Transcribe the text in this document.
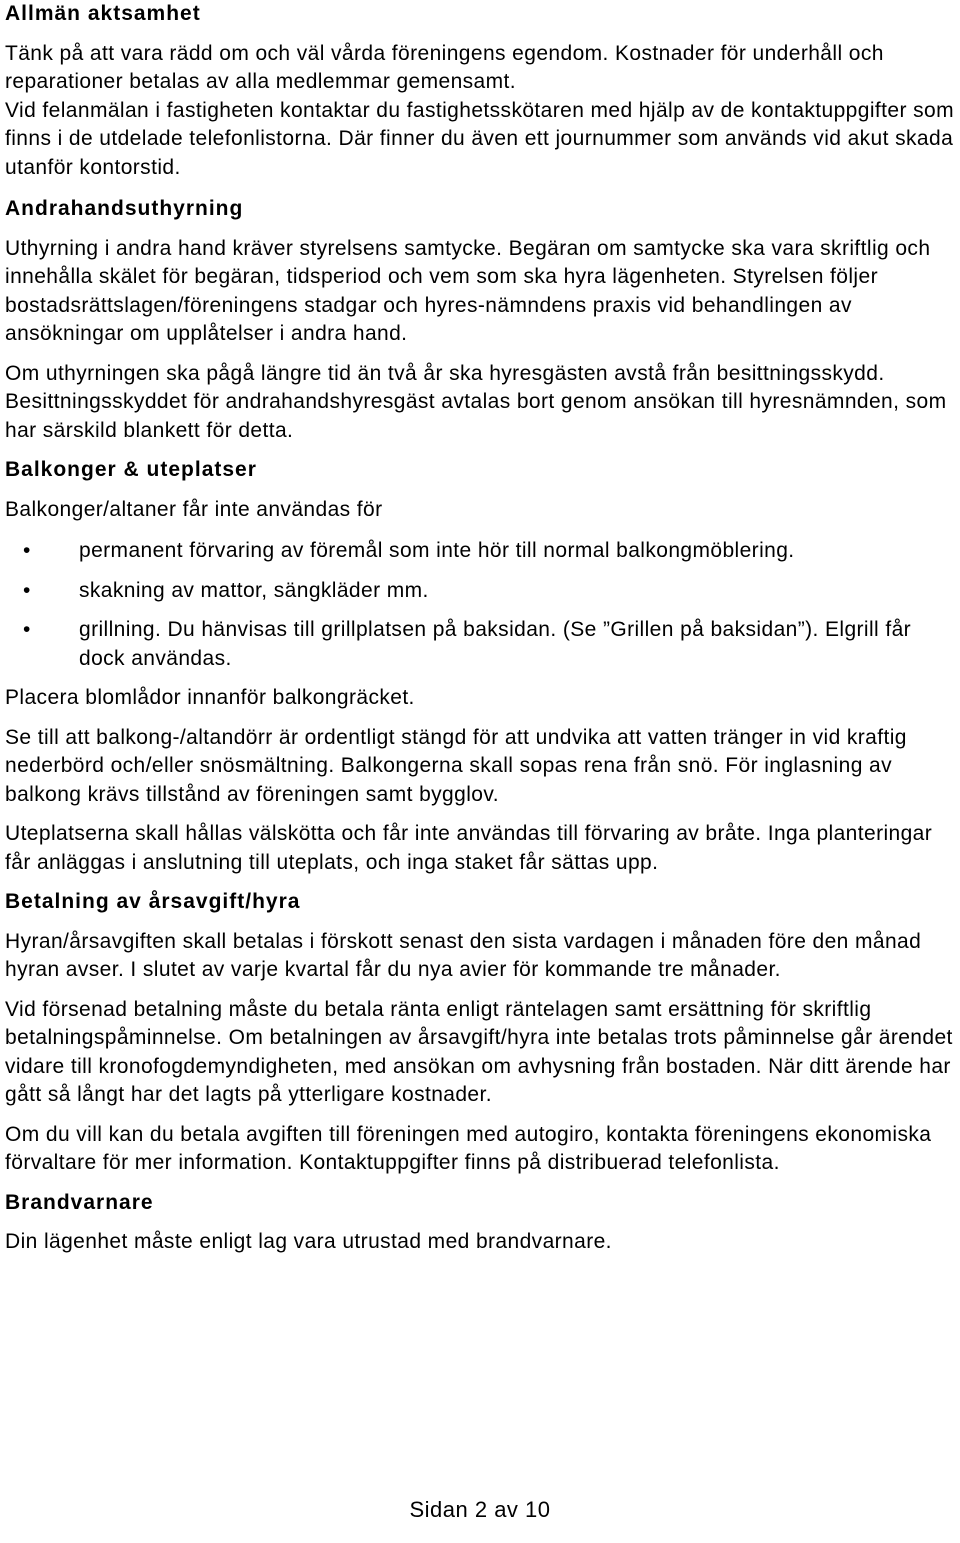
Allmän aktsamhet

Tänk på att vara rädd om och väl vårda föreningens egendom. Kostnader för underhåll och reparationer betalas av alla medlemmar gemensamt.

Vid felanmälan i fastigheten kontaktar du fastighetsskötaren med hjälp av de kontaktuppgifter som finns i de utdelade telefonlistorna. Där finner du även ett journummer som används vid akut skada utanför kontorstid.

Andrahandsuthyrning

Uthyrning i andra hand kräver styrelsens samtycke. Begäran om samtycke ska vara skriftlig och innehålla skälet för begäran, tidsperiod och vem som ska hyra lägenheten. Styrelsen följer bostadsrättslagen/föreningens stadgar och hyres-nämndens praxis vid behandlingen av ansökningar om upplåtelser i andra hand.

Om uthyrningen ska pågå längre tid än två år ska hyresgästen avstå från besittningsskydd. Besittningsskyddet för andrahandshyresgäst avtalas bort genom ansökan till hyresnämnden, som har särskild blankett för detta.

Balkonger & uteplatser

Balkonger/altaner får inte användas för

• permanent förvaring av föremål som inte hör till normal balkongmöblering.
• skakning av mattor, sängkläder mm.
• grillning. Du hänvisas till grillplatsen på baksidan. (Se ”Grillen på baksidan”). Elgrill får dock användas.

Placera blomlådor innanför balkongräcket.

Se till att balkong-/altandörr är ordentligt stängd för att undvika att vatten tränger in vid kraftig nederbörd och/eller snösmältning. Balkongerna skall sopas rena från snö. För inglasning av balkong krävs tillstånd av föreningen samt bygglov.

Uteplatserna skall hållas välskötta och får inte användas till förvaring av bråte. Inga planteringar får anläggas i anslutning till uteplats, och inga staket får sättas upp.

Betalning av årsavgift/hyra

Hyran/årsavgiften skall betalas i förskott senast den sista vardagen i månaden före den månad hyran avser. I slutet av varje kvartal får du nya avier för kommande tre månader.

Vid försenad betalning måste du betala ränta enligt räntelagen samt ersättning för skriftlig betalningspåminnelse. Om betalningen av årsavgift/hyra inte betalas trots påminnelse går ärendet vidare till kronofogdemyndigheten, med ansökan om avhysning från bostaden. När ditt ärende har gått så långt har det lagts på ytterligare kostnader.

Om du vill kan du betala avgiften till föreningen med autogiro, kontakta föreningens ekonomiska förvaltare för mer information. Kontaktuppgifter finns på distribuerad telefonlista.

Brandvarnare

Din lägenhet måste enligt lag vara utrustad med brandvarnare.

Sidan 2 av 10
